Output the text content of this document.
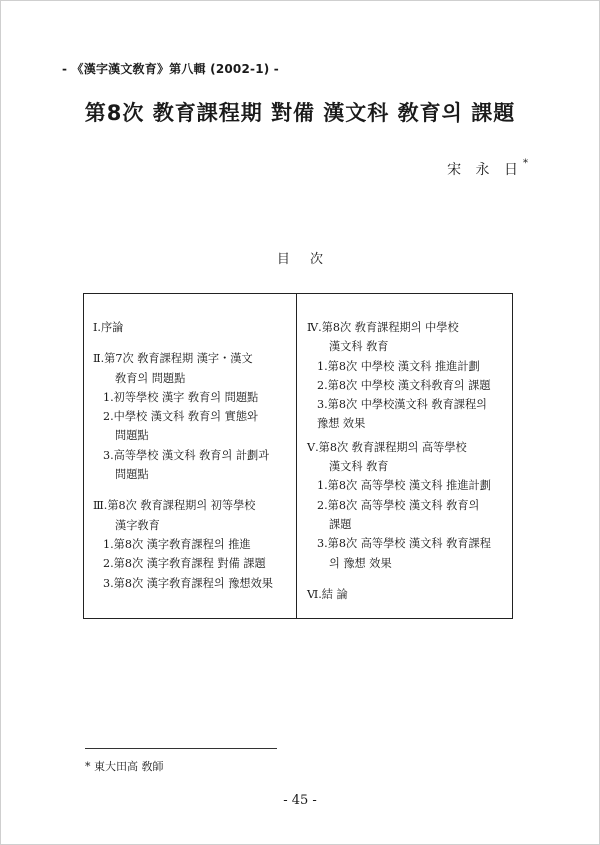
- 《漢字漢文敎育》第八輯 (2002-1) -
第8次 教育課程期 對備 漢文科 敎育의 課題
宋 永 日*
目 次
Ⅰ.序論
Ⅱ.第7次 敎育課程期 漢字・漢文
敎育의 問題點
1.初等學校 漢字 敎育의 問題點
2.中學校 漢文科 敎育의 實態와
問題點
3.高等學校 漢文科 敎育의 計劃과
問題點
Ⅲ.第8次 敎育課程期의 初等學校
漢字敎育
1.第8次 漢字敎育課程의 推進
2.第8次 漢字敎育課程 對備 課題
3.第8次 漢字敎育課程의 豫想效果
Ⅳ.第8次 敎育課程期의 中學校
漢文科 敎育
1.第8次 中學校 漢文科 推進計劃
2.第8次 中學校 漢文科敎育의 課題
3.第8次 中學校漢文科 敎育課程의
豫想 效果
Ⅴ.第8次 敎育課程期의 高等學校
漢文科 敎育
1.第8次 高等學校 漢文科 推進計劃
2.第8次 高等學校 漢文科 敎育의
課題
3.第8次 高等學校 漢文科 敎育課程
의 豫想 效果
Ⅵ.結 論
* 東大田高 敎師
- 45 -
